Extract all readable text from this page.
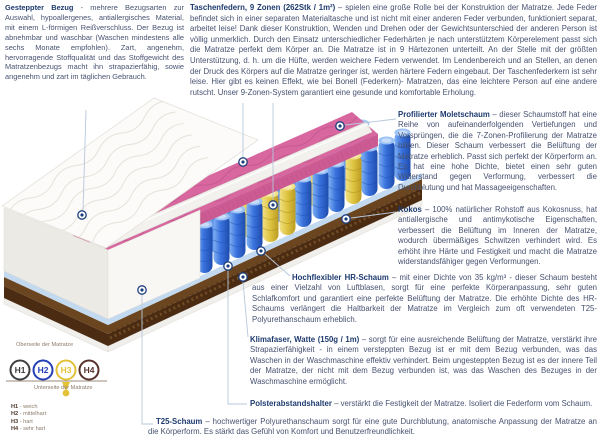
Gesteppter Bezug - mehrere Bezugsarten zur Auswahl, hypoallergenes, antiallergisches Material, mit einem L-förmigen Reißverschluss. Der Bezug ist abnehmbar und waschbar (Waschen mindestens alle sechs Monate empfohlen). Zart, angenehm, hervorragende Stoffqualität und das Stoffgewicht des Matratzenbezugs macht ihn strapazierfähig, sowie angenehm und zart im täglichen Gebrauch.

Taschenfedern, 9 Zonen (262Stk / 1m²) – spielen eine große Rolle bei der Konstruktion der Matratze. Jede Feder befindet sich in einer separaten Materialtasche und ist nicht mit einer anderen Feder verbunden, funktioniert separat, arbeitet leise! Dank dieser Konstruktion, Wenden und Drehen oder der Gewichtsunterschied der anderen Person ist völlig unmerklich. Durch den Einsatz unterschiedlicher Federhärten je nach unterstütztem Körperelement passt sich die Matratze perfekt dem Körper an. Die Matratze ist in 9 Härtezonen unterteilt. An der Stelle mit der größten Unterstützung, d. h. um die Hüfte, werden weichere Federn verwendet. Im Lendenbereich und an Stellen, an denen der Druck des Körpers auf die Matratze geringer ist, werden härtere Federn eingebaut. Der Taschenfederkern ist sehr leise. Hier gibt es keinen Effekt, wie bei Bonell (Federkern)- Matratzen, das eine leichtere Person auf eine andere rutscht. Unser 9-Zonen-System garantiert eine gesunde und komfortable Erholung.

Profilierter Moletschaum – dieser Schaumstoff hat eine Reihe von aufeinanderfolgenden Vertiefungen und Vorsprüngen, die die 7-Zonen-Profilierung der Matratze bilden. Dieser Schaum verbessert die Belüftung der Matratze erheblich. Passt sich perfekt der Körperform an. Es hat eine hohe Dichte, bietet einen sehr guten Widerstand gegen Verformung, verbessert die Durchblutung und hat Massageeigenschaften.

Kokos – 100% natürlicher Rohstoff aus Kokosnuss, hat antiallergische und antimykotische Eigenschaften, verbessert die Belüftung im Inneren der Matratze, wodurch übermäßiges Schwitzen verhindert wird. Es erhöht ihre Härte und Festigkeit und macht die Matratze widerstandsfähiger gegen Verformungen.

Hochflexibler HR-Schaum – mit einer Dichte von 35 kg/m³ - dieser Schaum besteht aus einer Vielzahl von Luftblasen, sorgt für eine perfekte Körperanpassung, sehr guten Schlafkomfort und garantiert eine perfekte Belüftung der Matratze. Die erhöhte Dichte des HR-Schaums verlängert die Haltbarkeit der Matratze im Vergleich zum oft verwendeten T25-Polyurethanschaum erheblich.

Klimafaser, Watte (150g / 1m) – sorgt für eine ausreichende Belüftung der Matratze, verstärkt ihre Strapazierfähigkeit - in einem versteppten Bezug ist er mit dem Bezug verbunden, was das Waschen in der Waschmaschine effektiv verhindert. Beim ungesteppten Bezug ist es der innere Teil der Matratze, der nicht mit dem Bezug verbunden ist, was das Waschen des Bezuges in der Waschmaschine ermöglicht.

Polsterabstandshalter – verstärkt die Festigkeit der Matratze. Isoliert die Federform vom Schaum.

T25-Schaum – hochwertiger Polyurethanschaum sorgt für eine gute Durchblutung, anatomische Anpassung der Matratze an die Körperform. Es stärkt das Gefühl von Komfort und Benutzerfreundlichkeit.

Oberseite der Matratze
H1 H2 H3 H4
Unterseite der Matratze
H1 - weich
H2 - mittelhart
H3 - hart
H4 - sehr hart
